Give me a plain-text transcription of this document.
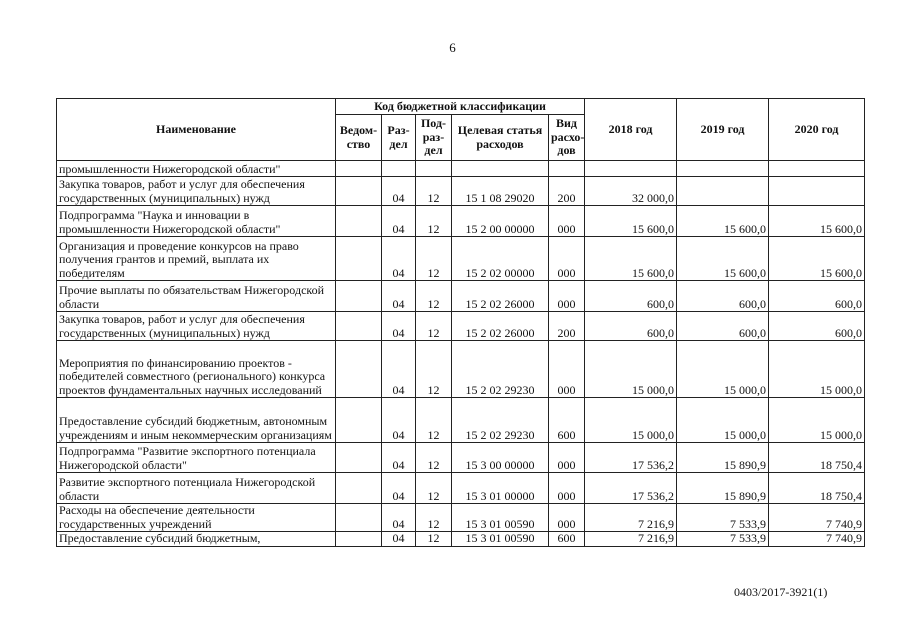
6
Наименование	Код бюджетной классификации					2018 год	2019 год	2020 год
	Ведом-ство	Раз-дел	Под-раз-дел	Целевая статья расходов	Вид расхо-дов			
промышленности Нижегородской области"								
Закупка товаров, работ и услуг для обеспечения государственных (муниципальных) нужд		04	12	15 1 08 29020	200	32 000,0		
Подпрограмма "Наука и инновации в промышленности Нижегородской области"		04	12	15 2 00 00000	000	15 600,0	15 600,0	15 600,0
Организация и проведение конкурсов на право получения грантов и премий, выплата их победителям		04	12	15 2 02 00000	000	15 600,0	15 600,0	15 600,0
Прочие выплаты по обязательствам Нижегородской области		04	12	15 2 02 26000	000	600,0	600,0	600,0
Закупка товаров, работ и услуг для обеспечения государственных (муниципальных) нужд		04	12	15 2 02 26000	200	600,0	600,0	600,0
Мероприятия по финансированию проектов - победителей совместного (регионального) конкурса проектов фундаментальных научных исследований		04	12	15 2 02 29230	000	15 000,0	15 000,0	15 000,0
Предоставление субсидий бюджетным, автономным учреждениям и иным некоммерческим организациям		04	12	15 2 02 29230	600	15 000,0	15 000,0	15 000,0
Подпрограмма "Развитие экспортного потенциала Нижегородской области"		04	12	15 3 00 00000	000	17 536,2	15 890,9	18 750,4
Развитие экспортного потенциала Нижегородской области		04	12	15 3 01 00000	000	17 536,2	15 890,9	18 750,4
Расходы на обеспечение деятельности государственных учреждений		04	12	15 3 01 00590	000	7 216,9	7 533,9	7 740,9
Предоставление субсидий бюджетным,		04	12	15 3 01 00590	600	7 216,9	7 533,9	7 740,9
0403/2017-3921(1)
